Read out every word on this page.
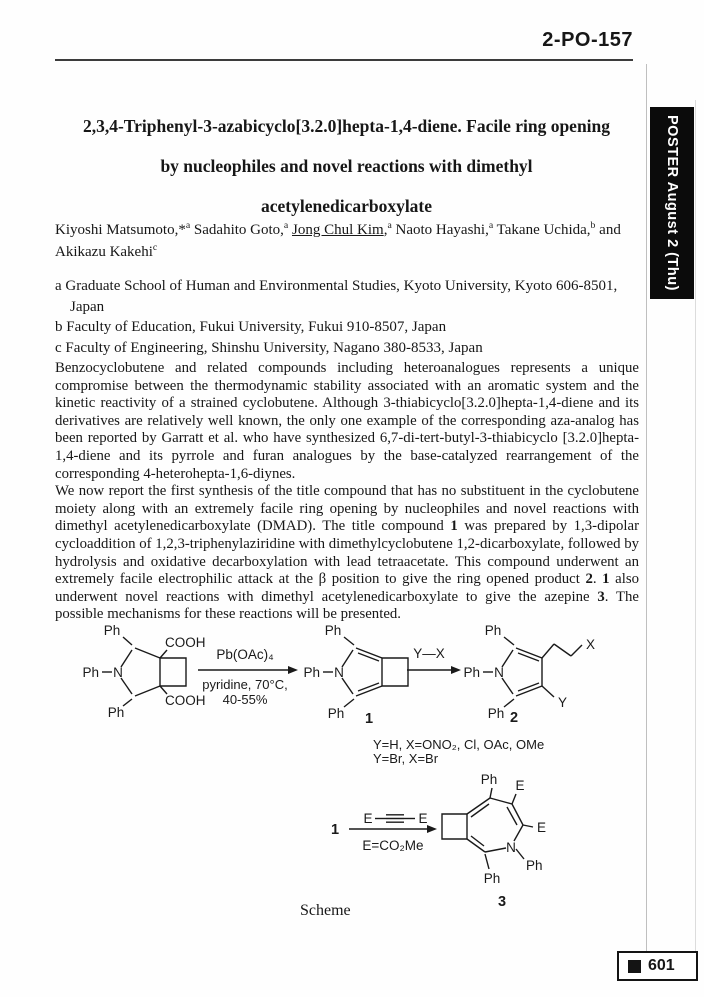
2-PO-157
POSTER August 2 (Thu)
2,3,4-Triphenyl-3-azabicyclo[3.2.0]hepta-1,4-diene. Facile ring opening
by nucleophiles and novel reactions with dimethyl
acetylenedicarboxylate
Kiyoshi Matsumoto,*$^a$ Sadahito Goto,$^a$ Jong Chul Kim,$^a$ Naoto Hayashi,$^a$ Takane Uchida,$^b$ and Akikazu Kakehi$^c$
a Graduate School of Human and Environmental Studies, Kyoto University, Kyoto 606-8501,
Japan
b Faculty of Education, Fukui University, Fukui 910-8507, Japan
c Faculty of Engineering, Shinshu University, Nagano 380-8533, Japan

Benzocyclobutene and related compounds including heteroanalogues represents a unique compromise between the thermodynamic stability associated with an aromatic system and the kinetic reactivity of a strained cyclobutene. Although 3-thiabicyclo[3.2.0]hepta-1,4-diene and its derivatives are relatively well known, the only one example of the corresponding aza-analog has been reported by Garratt et al. who have synthesized 6,7-di-tert-butyl-3-thiabicyclo [3.2.0]hepta-1,4-diene and its pyrrole and furan analogues by the base-catalyzed rearrangement of the corresponding 4-heterohepta-1,6-diynes.

We now report the first synthesis of the title compound that has no substituent in the cyclobutene moiety along with an extremely facile ring opening by nucleophiles and novel reactions with dimethyl acetylenedicarboxylate (DMAD). The title compound 1 was prepared by 1,3-dipolar cycloaddition of 1,2,3-triphenylaziridine with dimethylcyclobutene 1,2-dicarboxylate, followed by hydrolysis and oxidative decarboxylation with lead tetraacetate. This compound underwent an extremely facile electrophilic attack at the β position to give the ring opened product 2. 1 also underwent novel reactions with dimethyl acetylenedicarboxylate to give the azepine 3. The possible mechanisms for these reactions will be presented.

Ph
Ph N
Ph
COOH
COOH
Pb(OAc)₄
pyridine, 70°C,
40-55%
Ph
Ph N
Ph 1
Y—X
Ph
Ph N
Ph
X
Y
2
Y=H, X=ONO₂, Cl, OAc, OMe
Y=Br, X=Br
1
E	E
E=CO₂Me
Ph E
E
N
Ph
Ph
3
Scheme
601
